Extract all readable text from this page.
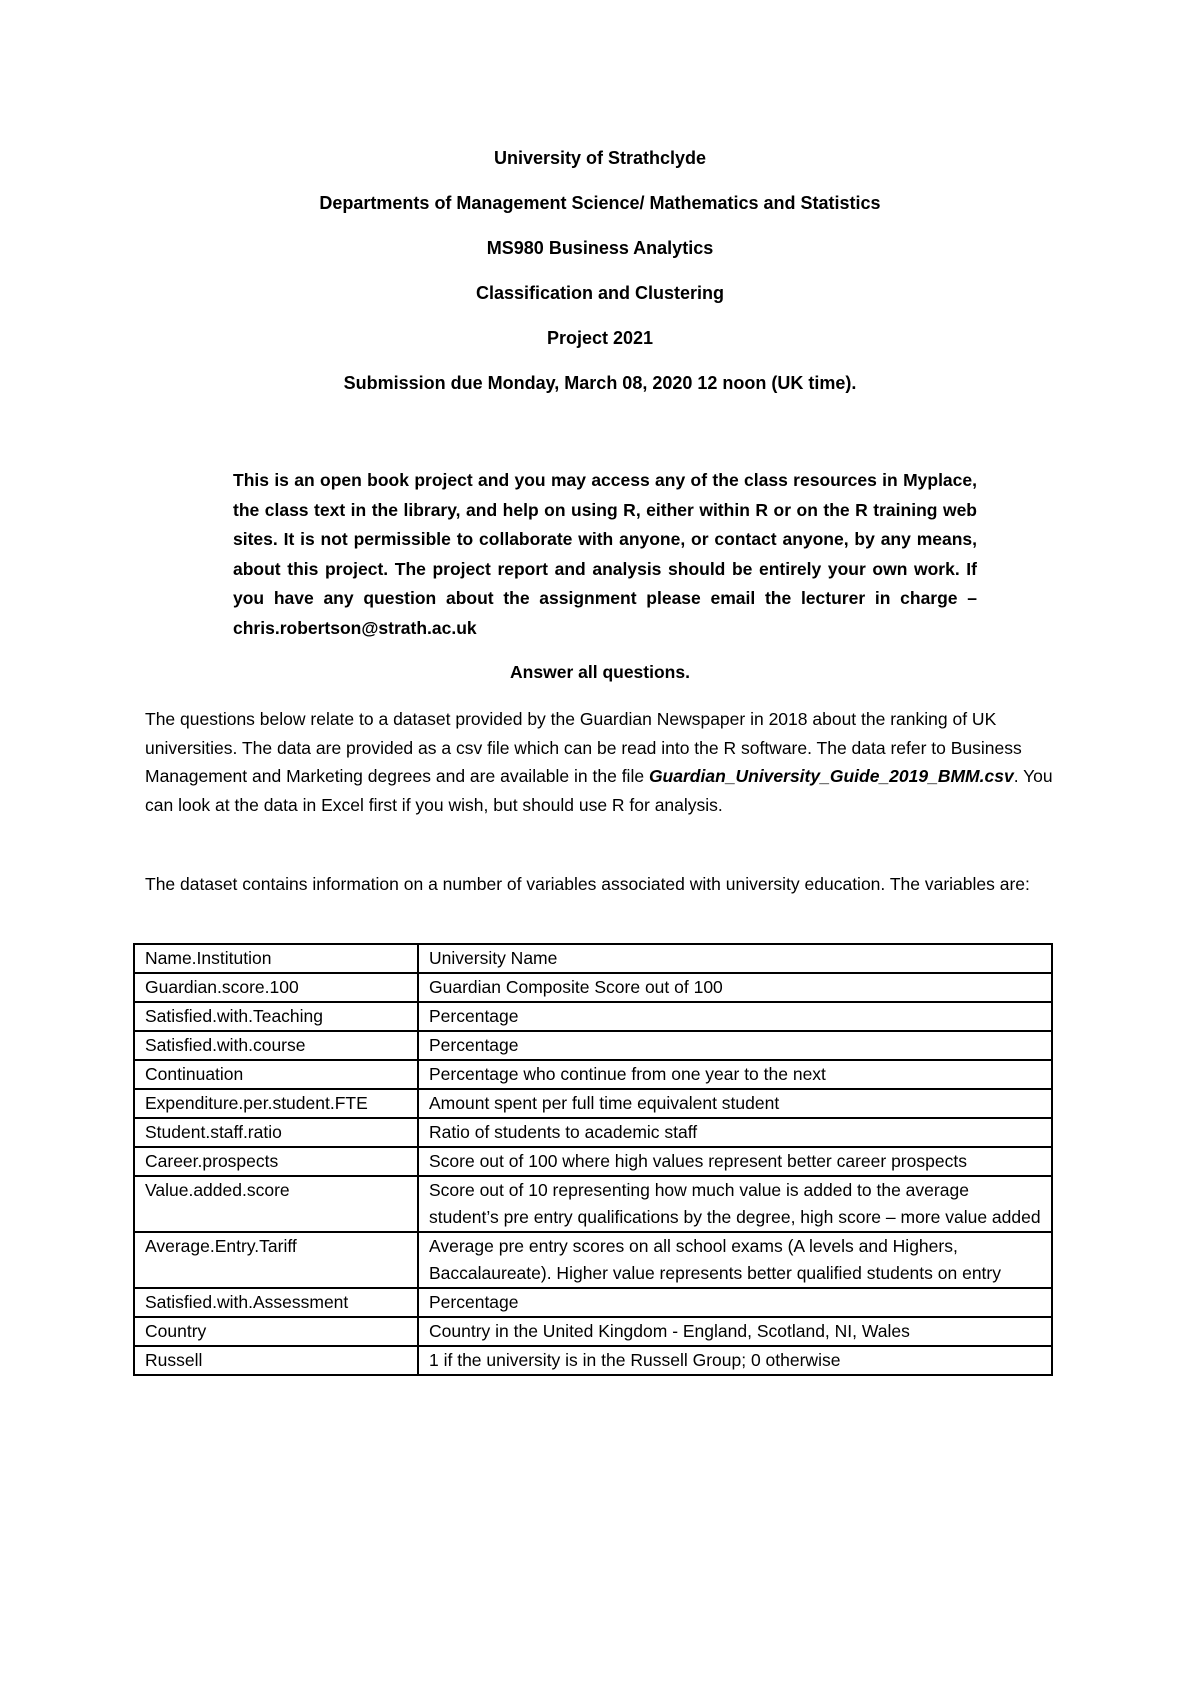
University of Strathclyde

Departments of Management Science/ Mathematics and Statistics

MS980 Business Analytics

Classification and Clustering

Project 2021

Submission due Monday, March 08, 2020 12 noon (UK time).

This is an open book project and you may access any of the class resources in Myplace, the class text in the library, and help on using R, either within R or on the R training web sites. It is not permissible to collaborate with anyone, or contact anyone, by any means, about this project. The project report and analysis should be entirely your own work. If you have any question about the assignment please email the lecturer in charge – chris.robertson@strath.ac.uk

Answer all questions.

The questions below relate to a dataset provided by the Guardian Newspaper in 2018 about the ranking of UK universities. The data are provided as a csv file which can be read into the R software. The data refer to Business Management and Marketing degrees and are available in the file Guardian_University_Guide_2019_BMM.csv. You can look at the data in Excel first if you wish, but should use R for analysis.

The dataset contains information on a number of variables associated with university education. The variables are:

Name.Institution	University Name
Guardian.score.100	Guardian Composite Score out of 100
Satisfied.with.Teaching	Percentage
Satisfied.with.course	Percentage
Continuation	Percentage who continue from one year to the next
Expenditure.per.student.FTE	Amount spent per full time equivalent student
Student.staff.ratio	Ratio of students to academic staff
Career.prospects	Score out of 100 where high values represent better career prospects
Value.added.score	Score out of 10 representing how much value is added to the average student’s pre entry qualifications by the degree, high score – more value added
Average.Entry.Tariff	Average pre entry scores on all school exams (A levels and Highers, Baccalaureate). Higher value represents better qualified students on entry
Satisfied.with.Assessment	Percentage
Country	Country in the United Kingdom - England, Scotland, NI, Wales
Russell	1 if the university is in the Russell Group; 0 otherwise
